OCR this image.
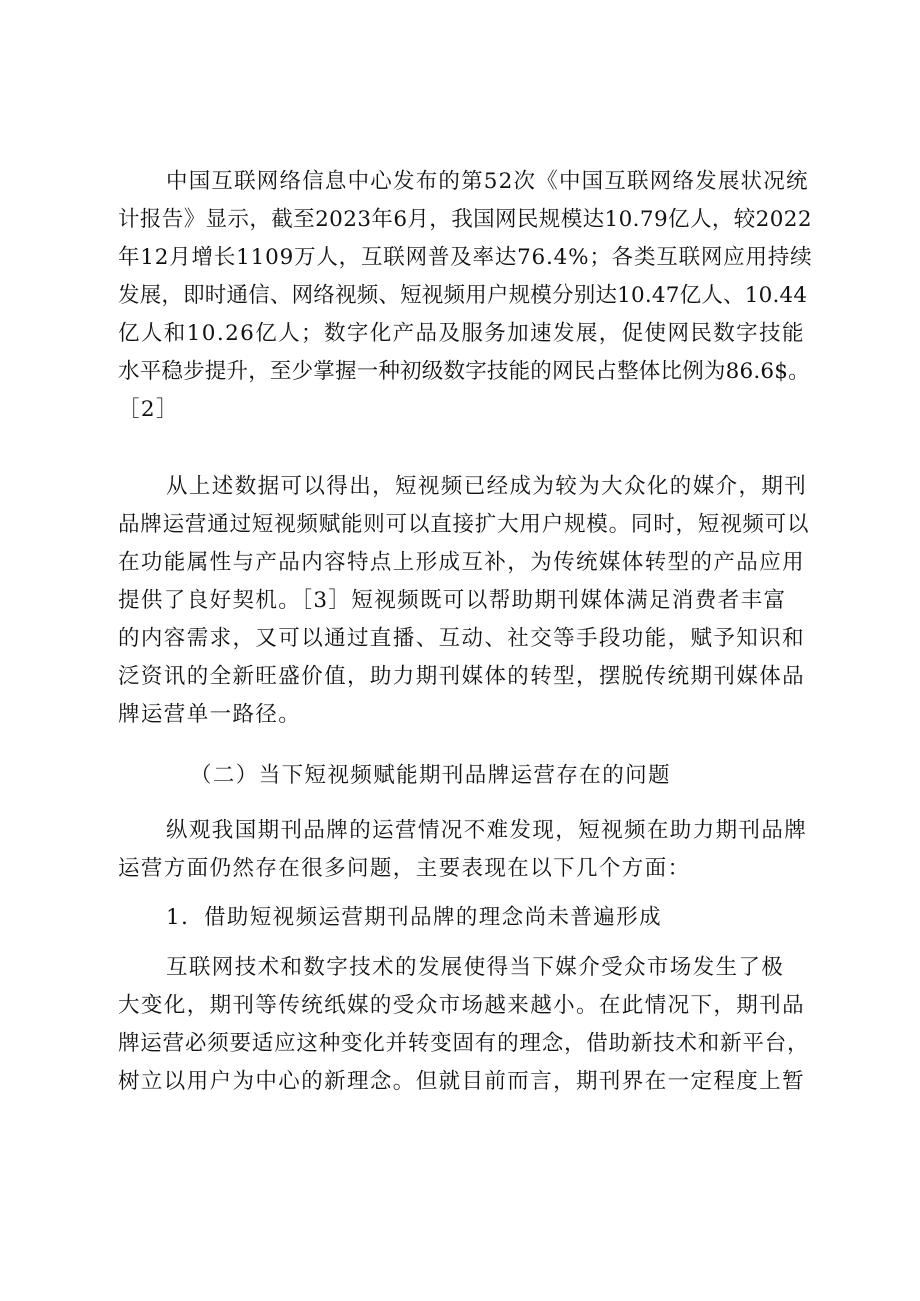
中国互联网络信息中心发布的第52次《中国互联网络发展状况统
计报告》显示，截至2023年6月，我国网民规模达10.79亿人，较2022
年12月增长1109万人，互联网普及率达76.4%；各类互联网应用持续
发展，即时通信、网络视频、短视频用户规模分别达10.47亿人、10.44
亿人和10.26亿人；数字化产品及服务加速发展，促使网民数字技能
水平稳步提升，至少掌握一种初级数字技能的网民占整体比例为86.6$。
［2］
从上述数据可以得出，短视频已经成为较为大众化的媒介，期刊
品牌运营通过短视频赋能则可以直接扩大用户规模。同时，短视频可以
在功能属性与产品内容特点上形成互补，为传统媒体转型的产品应用
提供了良好契机。［3］短视频既可以帮助期刊媒体满足消费者丰富
的内容需求，又可以通过直播、互动、社交等手段功能，赋予知识和
泛资讯的全新旺盛价值，助力期刊媒体的转型，摆脱传统期刊媒体品
牌运营单一路径。
（二）当下短视频赋能期刊品牌运营存在的问题
纵观我国期刊品牌的运营情况不难发现，短视频在助力期刊品牌
运营方面仍然存在很多问题，主要表现在以下几个方面：
1．借助短视频运营期刊品牌的理念尚未普遍形成
互联网技术和数字技术的发展使得当下媒介受众市场发生了极
大变化，期刊等传统纸媒的受众市场越来越小。在此情况下，期刊品
牌运营必须要适应这种变化并转变固有的理念，借助新技术和新平台，
树立以用户为中心的新理念。但就目前而言，期刊界在一定程度上暂
